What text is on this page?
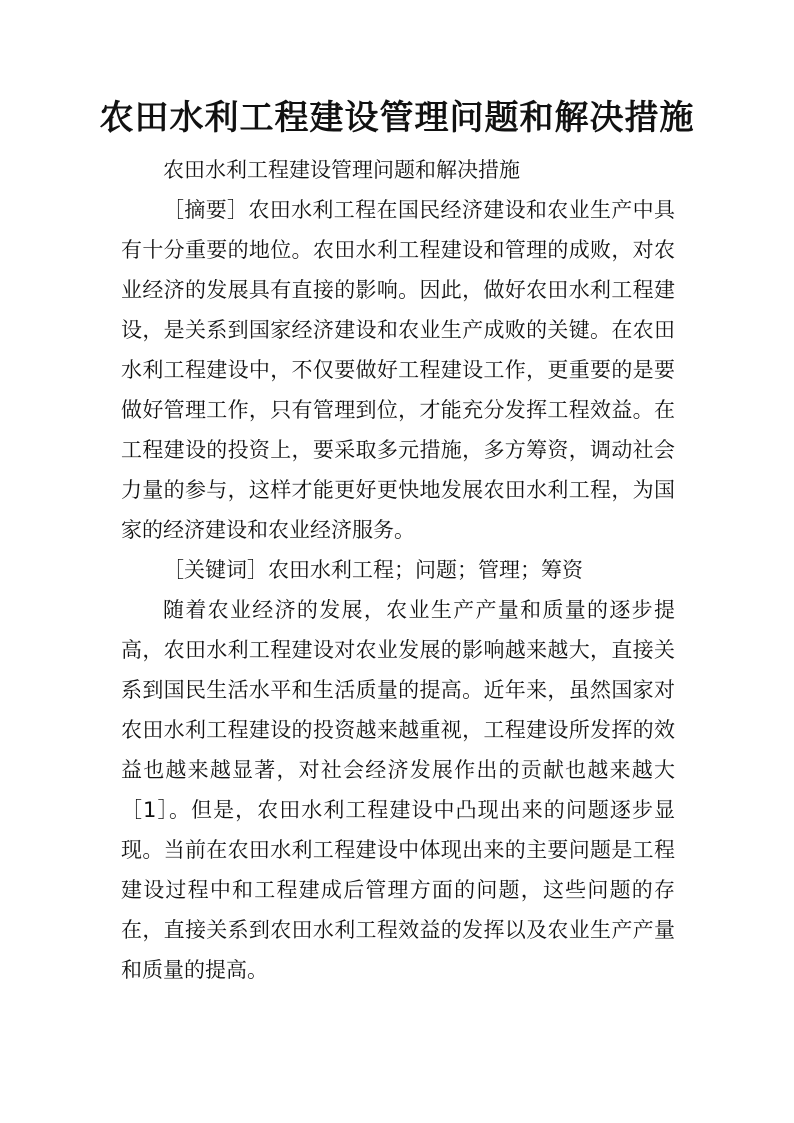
农田水利工程建设管理问题和解决措施

农田水利工程建设管理问题和解决措施

［摘要］农田水利工程在国民经济建设和农业生产中具有十分重要的地位。农田水利工程建设和管理的成败，对农业经济的发展具有直接的影响。因此，做好农田水利工程建设，是关系到国家经济建设和农业生产成败的关键。在农田水利工程建设中，不仅要做好工程建设工作，更重要的是要做好管理工作，只有管理到位，才能充分发挥工程效益。在工程建设的投资上，要采取多元措施，多方筹资，调动社会力量的参与，这样才能更好更快地发展农田水利工程，为国家的经济建设和农业经济服务。

［关键词］农田水利工程；问题；管理；筹资

随着农业经济的发展，农业生产产量和质量的逐步提高，农田水利工程建设对农业发展的影响越来越大，直接关系到国民生活水平和生活质量的提高。近年来，虽然国家对农田水利工程建设的投资越来越重视，工程建设所发挥的效益也越来越显著，对社会经济发展作出的贡献也越来越大［1］。但是，农田水利工程建设中凸现出来的问题逐步显现。当前在农田水利工程建设中体现出来的主要问题是工程建设过程中和工程建成后管理方面的问题，这些问题的存在，直接关系到农田水利工程效益的发挥以及农业生产产量和质量的提高。
